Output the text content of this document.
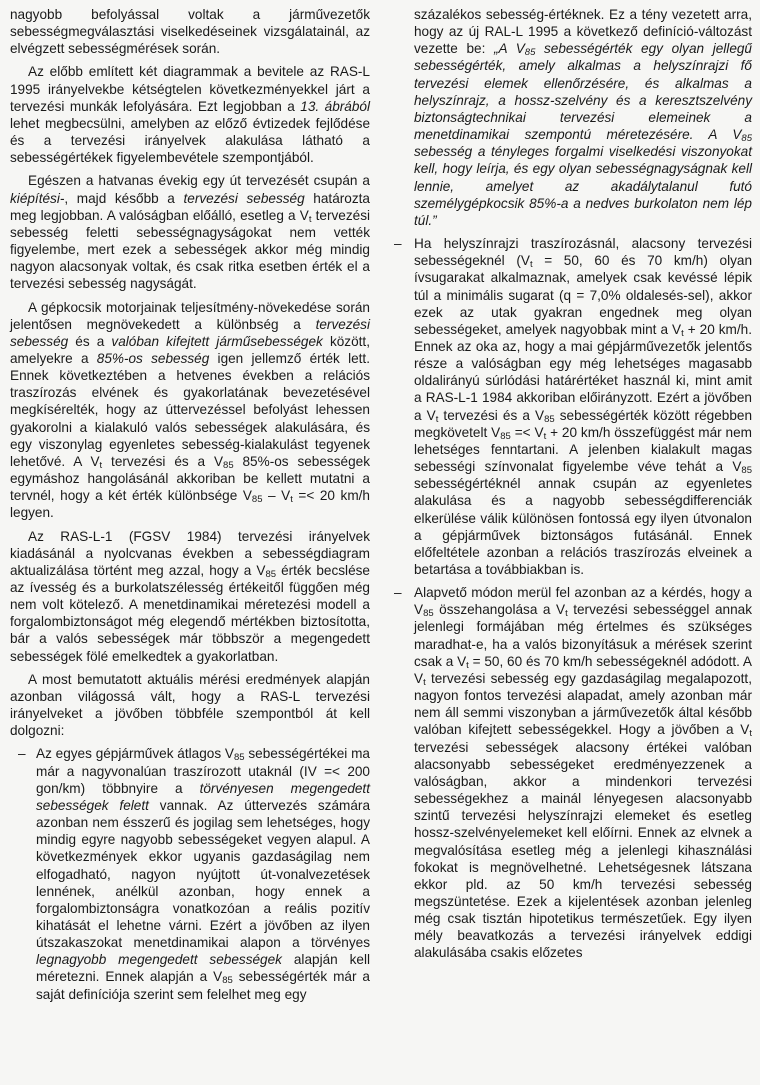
nagyobb befolyással voltak a járművezetők sebességmegválasztási viselkedéseinek vizsgálatainál, az elvégzett sebességmérések során.

Az előbb említett két diagrammak a bevitele az RAS-L 1995 irányelvekbe kétségtelen következményekkel járt a tervezési munkák lefolyására. Ezt legjobban a 13. ábrából lehet megbecsülni, amelyben az előző évtizedek fejlődése és a tervezési irányelvek alakulása látható a sebességértékek figyelembevétele szempontjából.

Egészen a hatvanas évekig egy út tervezését csupán a kiépítési-, majd később a tervezési sebesség határozta meg legjobban. A valóságban előálló, esetleg a $V_t$ tervezési sebesség feletti sebességnagyságokat nem vették figyelembe, mert ezek a sebességek akkor még mindig nagyon alacsonyak voltak, és csak ritka esetben érték el a tervezési sebesség nagyságát.

A gépkocsik motorjainak teljesítmény-növekedése során jelentősen megnövekedett a különbség a tervezési sebesség és a valóban kifejtett járműsebességek között, amelyekre a 85%-os sebesség igen jellemző érték lett. Ennek következtében a hetvenes években a relációs traszírozás elvének és gyakorlatának bevezetésével megkísérelték, hogy az úttervezéssel befolyást lehessen gyakorolni a kialakuló valós sebességek alakulására, és egy viszonylag egyenletes sebesség-kialakulást tegyenek lehetővé. A $V_t$ tervezési és a $V_{85}$ 85%-os sebességek egymáshoz hangolásánál akkoriban be kellett mutatni a tervnél, hogy a két érték különbsége $V_{85} - V_t =< 20$ km/h legyen.

Az RAS-L-1 (FGSV 1984) tervezési irányelvek kiadásánál a nyolcvanas években a sebességdiagram aktualizálása történt meg azzal, hogy a $V_{85}$ érték becslése az ívesség és a burkolatszélesség értékeitől függően még nem volt kötelező. A menetdinamikai méretezési modell a forgalombiztonságot még elegendő mértékben biztosította, bár a valós sebességek már többször a megengedett sebességek fölé emelkedtek a gyakorlatban.

A most bemutatott aktuális mérési eredmények alapján azonban világossá vált, hogy a RAS-L tervezési irányelveket a jövőben többféle szempontból át kell dolgozni:

– Az egyes gépjárművek átlagos $V_{85}$ sebességértékei ma már a nagyvonalúan traszírozott utaknál (IV =< 200 gon/km) többnyire a törvényesen megengedett sebességek felett vannak. Az úttervezés számára azonban nem ésszerű és jogilag sem lehetséges, hogy mindig egyre nagyobb sebességeket vegyen alapul. A következmények ekkor ugyanis gazdaságilag nem elfogadható, nagyon nyújtott út-vonalvezetések lennének, anélkül azonban, hogy ennek a forgalombiztonságra vonatkozóan a reális pozitív kihatását el lehetne várni. Ezért a jövőben az ilyen útszakaszokat menetdinamikai alapon a törvényes legnagyobb megengedett sebességek alapján kell méretezni. Ennek alapján a $V_{85}$ sebességérték már a saját definíciója szerint sem felelhet meg egy

százalékos sebesség-értéknek. Ez a tény vezetett arra, hogy az új RAL-L 1995 a következő definíció-változást vezette be: „A $V_{85}$ sebességérték egy olyan jellegű sebességérték, amely alkalmas a helyszínrajzi fő tervezési elemek ellenőrzésére, és alkalmas a helyszínrajz, a hossz-szelvény és a keresztszelvény biztonságtechnikai tervezési elemeinek a menetdinamikai szempontú méretezésére. A $V_{85}$ sebesség a tényleges forgalmi viselkedési viszonyokat kell, hogy leírja, és egy olyan sebességnagyságnak kell lennie, amelyet az akadálytalanul futó személygépkocsik 85%-a a nedves burkolaton nem lép túl.”

– Ha helyszínrajzi traszírozásnál, alacsony tervezési sebességeknél ($V_t = 50$, 60 és 70 km/h) olyan ívsugarakat alkalmaznak, amelyek csak kevéssé lépik túl a minimális sugarat (q = 7,0% oldalesés-sel), akkor ezek az utak gyakran engednek meg olyan sebességeket, amelyek nagyobbak mint a $V_t + 20$ km/h. Ennek az oka az, hogy a mai gépjárművezetők jelentős része a valóságban egy még lehetséges magasabb oldalirányú súrlódási határértéket használ ki, mint amit a RAS-L-1 1984 akkoriban előirányzott. Ezért a jövőben a $V_t$ tervezési és a $V_{85}$ sebességérték között régebben megkövetelt $V_{85} =< V_t + 20$ km/h összefüggést már nem lehetséges fenntartani. A jelenben kialakult magas sebességi színvonalat figyelembe véve tehát a $V_{85}$ sebességértéknél annak csupán az egyenletes alakulása és a nagyobb sebességdifferenciák elkerülése válik különösen fontossá egy ilyen útvonalon a gépjárművek biztonságos futásánál. Ennek előfeltétele azonban a relációs traszírozás elveinek a betartása a továbbiakban is.

– Alapvető módon merül fel azonban az a kérdés, hogy a $V_{85}$ összehangolása a $V_t$ tervezési sebességgel annak jelenlegi formájában még értelmes és szükséges maradhat-e, ha a valós bizonyításuk a mérések szerint csak a $V_t = 50$, 60 és 70 km/h sebességeknél adódott. A $V_t$ tervezési sebesség egy gazdaságilag megalapozott, nagyon fontos tervezési alapadat, amely azonban már nem áll semmi viszonyban a járművezetők által később valóban kifejtett sebességekkel. Hogy a jövőben a $V_t$ tervezési sebességek alacsony értékei valóban alacsonyabb sebességeket eredményezzenek a valóságban, akkor a mindenkori tervezési sebességekhez a mainál lényegesen alacsonyabb szintű tervezési helyszínrajzi elemeket és esetleg hossz-szelvényelemeket kell előírni. Ennek az elvnek a megvalósítása esetleg még a jelenlegi kihasználási fokokat is megnövelhetné. Lehetségesnek látszana ekkor pld. az 50 km/h tervezési sebesség megszüntetése. Ezek a kijelentések azonban jelenleg még csak tisztán hipotetikus természetűek. Egy ilyen mély beavatkozás a tervezési irányelvek eddigi alakulásába csakis előzetes
